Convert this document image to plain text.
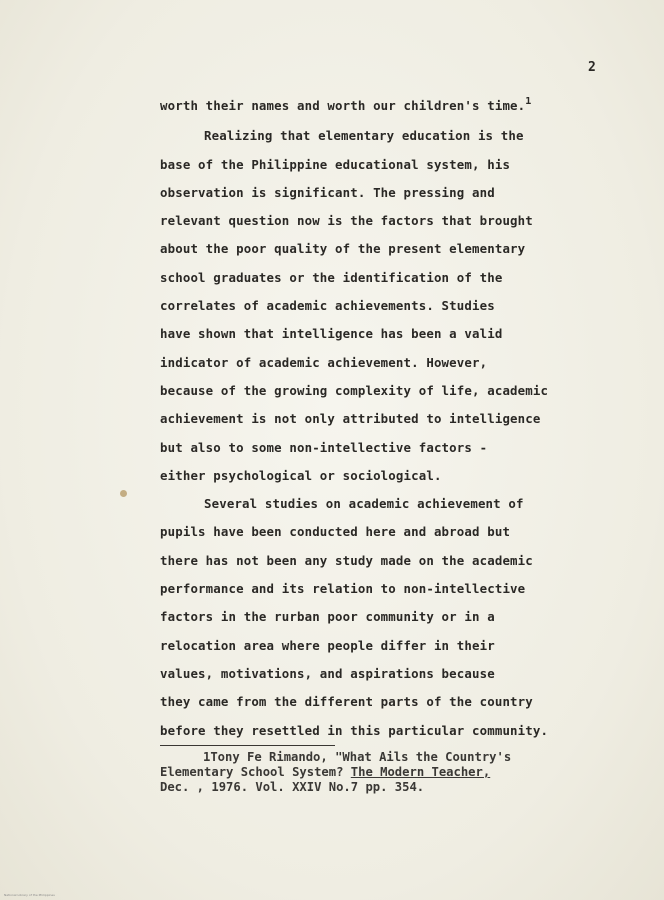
2
worth their names and worth our children's time.$^1$
Realizing that elementary education is the
base of the Philippine educational system, his
observation is significant. The pressing and
relevant question now is the factors that brought
about the poor quality of the present elementary
school graduates or the identification of the
correlates of academic achievements. Studies
have shown that intelligence has been a valid
indicator of academic achievement. However,
because of the growing complexity of life, academic
achievement is not only attributed to intelligence
but also to some non-intellective factors -
either psychological or sociological.
Several studies on academic achievement of
pupils have been conducted here and abroad but
there has not been any study made on the academic
performance and its relation to non-intellective
factors in the rurban poor community or in a
relocation area where people differ in their
values, motivations, and aspirations because
they came from the different parts of the country
before they resettled in this particular community.
1Tony Fe Rimando, "What Ails the Country's
Elementary School System? The Modern Teacher,
Dec. , 1976. Vol. XXIV No.7 pp. 354.
National Library of the Philippines
